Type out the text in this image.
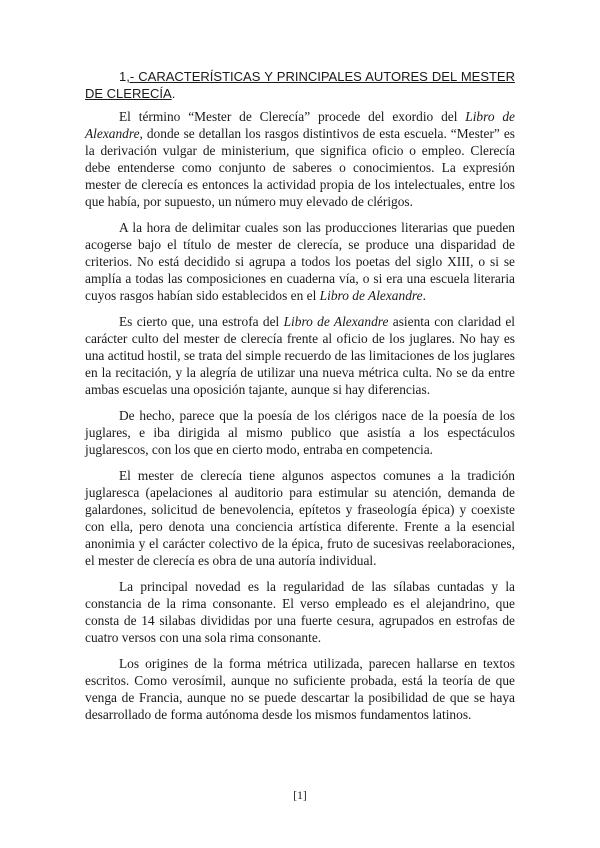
1,- CARACTERÍSTICAS Y PRINCIPALES AUTORES DEL MESTER DE CLERECÍA.

El término “Mester de Clerecía” procede del exordio del Libro de Alexandre, donde se detallan los rasgos distintivos de esta escuela. “Mester” es la derivación vulgar de ministerium, que significa oficio o empleo. Clerecía debe entenderse como conjunto de saberes o conocimientos. La expresión mester de clerecía es entonces la actividad propia de los intelectuales, entre los que había, por supuesto, un número muy elevado de clérigos.

A la hora de delimitar cuales son las producciones literarias que pueden acogerse bajo el título de mester de clerecía, se produce una disparidad de criterios. No está decidido si agrupa a todos los poetas del siglo XIII, o si se amplía a todas las composiciones en cuaderna vía, o si era una escuela literaria cuyos rasgos habían sido establecidos en el Libro de Alexandre.

Es cierto que, una estrofa del Libro de Alexandre asienta con claridad el carácter culto del mester de clerecía frente al oficio de los juglares. No hay es una actitud hostil, se trata del simple recuerdo de las limitaciones de los juglares en la recitación, y la alegría de utilizar una nueva métrica culta. No se da entre ambas escuelas una oposición tajante, aunque si hay diferencias.

De hecho, parece que la poesía de los clérigos nace de la poesía de los juglares, e iba dirigida al mismo publico que asistía a los espectáculos juglarescos, con los que en cierto modo, entraba en competencia.

El mester de clerecía tiene algunos aspectos comunes a la tradición juglaresca (apelaciones al auditorio para estimular su atención, demanda de galardones, solicitud de benevolencia, epítetos y fraseología épica) y coexiste con ella, pero denota una conciencia artística diferente. Frente a la esencial anonimia y el carácter colectivo de la épica, fruto de sucesivas reelaboraciones, el mester de clerecía es obra de una autoría individual.

La principal novedad es la regularidad de las sílabas cuntadas y la constancia de la rima consonante. El verso empleado es el alejandrino, que consta de 14 silabas divididas por una fuerte cesura, agrupados en estrofas de cuatro versos con una sola rima consonante.

Los origines de la forma métrica utilizada, parecen hallarse en textos escritos. Como verosímil, aunque no suficiente probada, está la teoría de que venga de Francia, aunque no se puede descartar la posibilidad de que se haya desarrollado de forma autónoma desde los mismos fundamentos latinos.

[1]
